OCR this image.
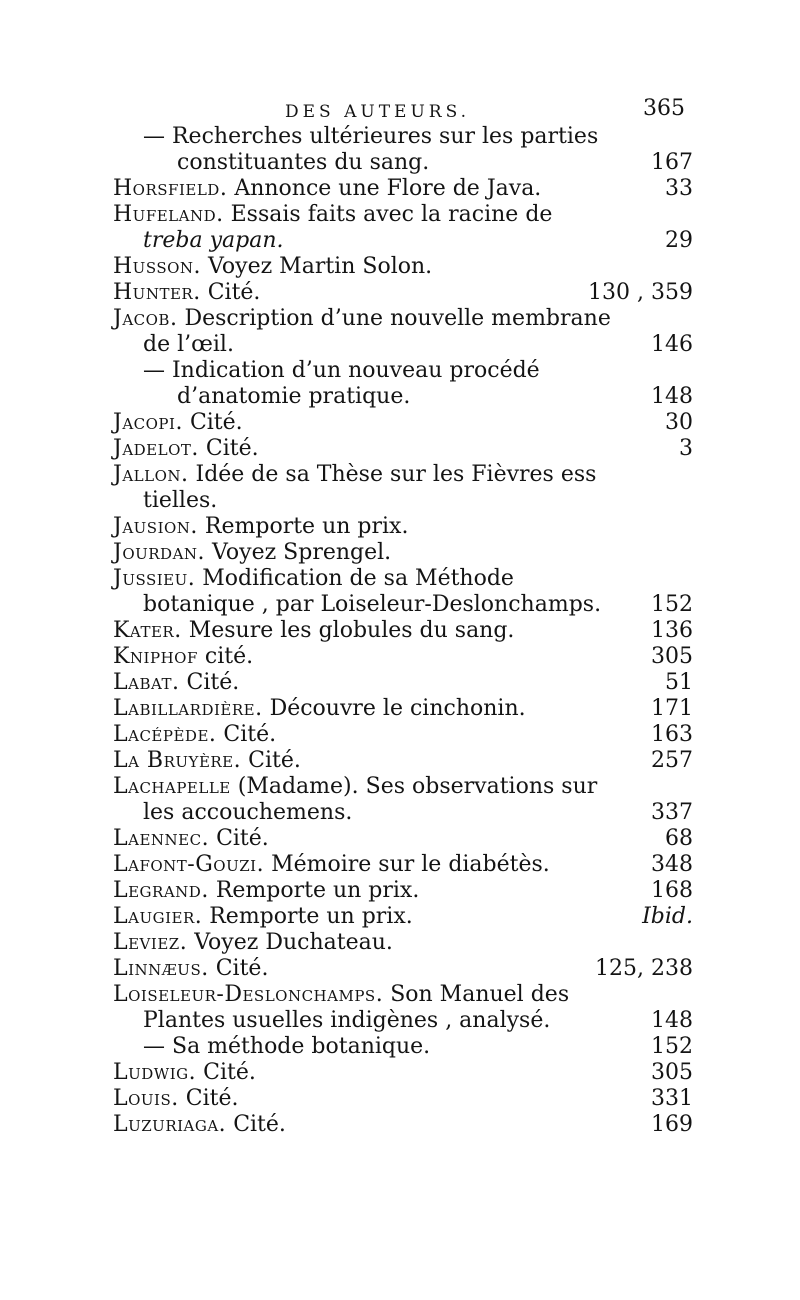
DES AUTEURS.	365
— Recherches ultérieures sur les parties constituantes du sang.	167
Horsfield. Annonce une Flore de Java.	33
Hufeland. Essais faits avec la racine de treba yapan.	29
Husson. Voyez Martin Solon.
Hunter. Cité.	130 , 359
Jacob. Description d’une nouvelle membrane de l’œil.	146
— Indication d’un nouveau procédé d’anatomie pratique.	148
Jacopi. Cité.	30
Jadelot. Cité.	3
Jallon. Idée de sa Thèse sur les Fièvres ess tielles.
Jausion. Remporte un prix.
Jourdan. Voyez Sprengel.
Jussieu. Modification de sa Méthode botanique , par Loiseleur-Deslonchamps.	152
Kater. Mesure les globules du sang.	136
Kniphof cité.	305
Labat. Cité.	51
Labillardière. Découvre le cinchonin.	171
Lacépède. Cité.	163
La Bruyère. Cité.	257
Lachapelle (Madame). Ses observations sur les accouchemens.	337
Laennec. Cité.	68
Lafont-Gouzi. Mémoire sur le diabétès.	348
Legrand. Remporte un prix.	168
Laugier. Remporte un prix.	Ibid.
Leviez. Voyez Duchateau.
Linnæus. Cité.	125, 238
Loiseleur-Deslonchamps. Son Manuel des Plantes usuelles indigènes , analysé.	148
— Sa méthode botanique.	152
Ludwig. Cité.	305
Louis. Cité.	331
Luzuriaga. Cité.	169
